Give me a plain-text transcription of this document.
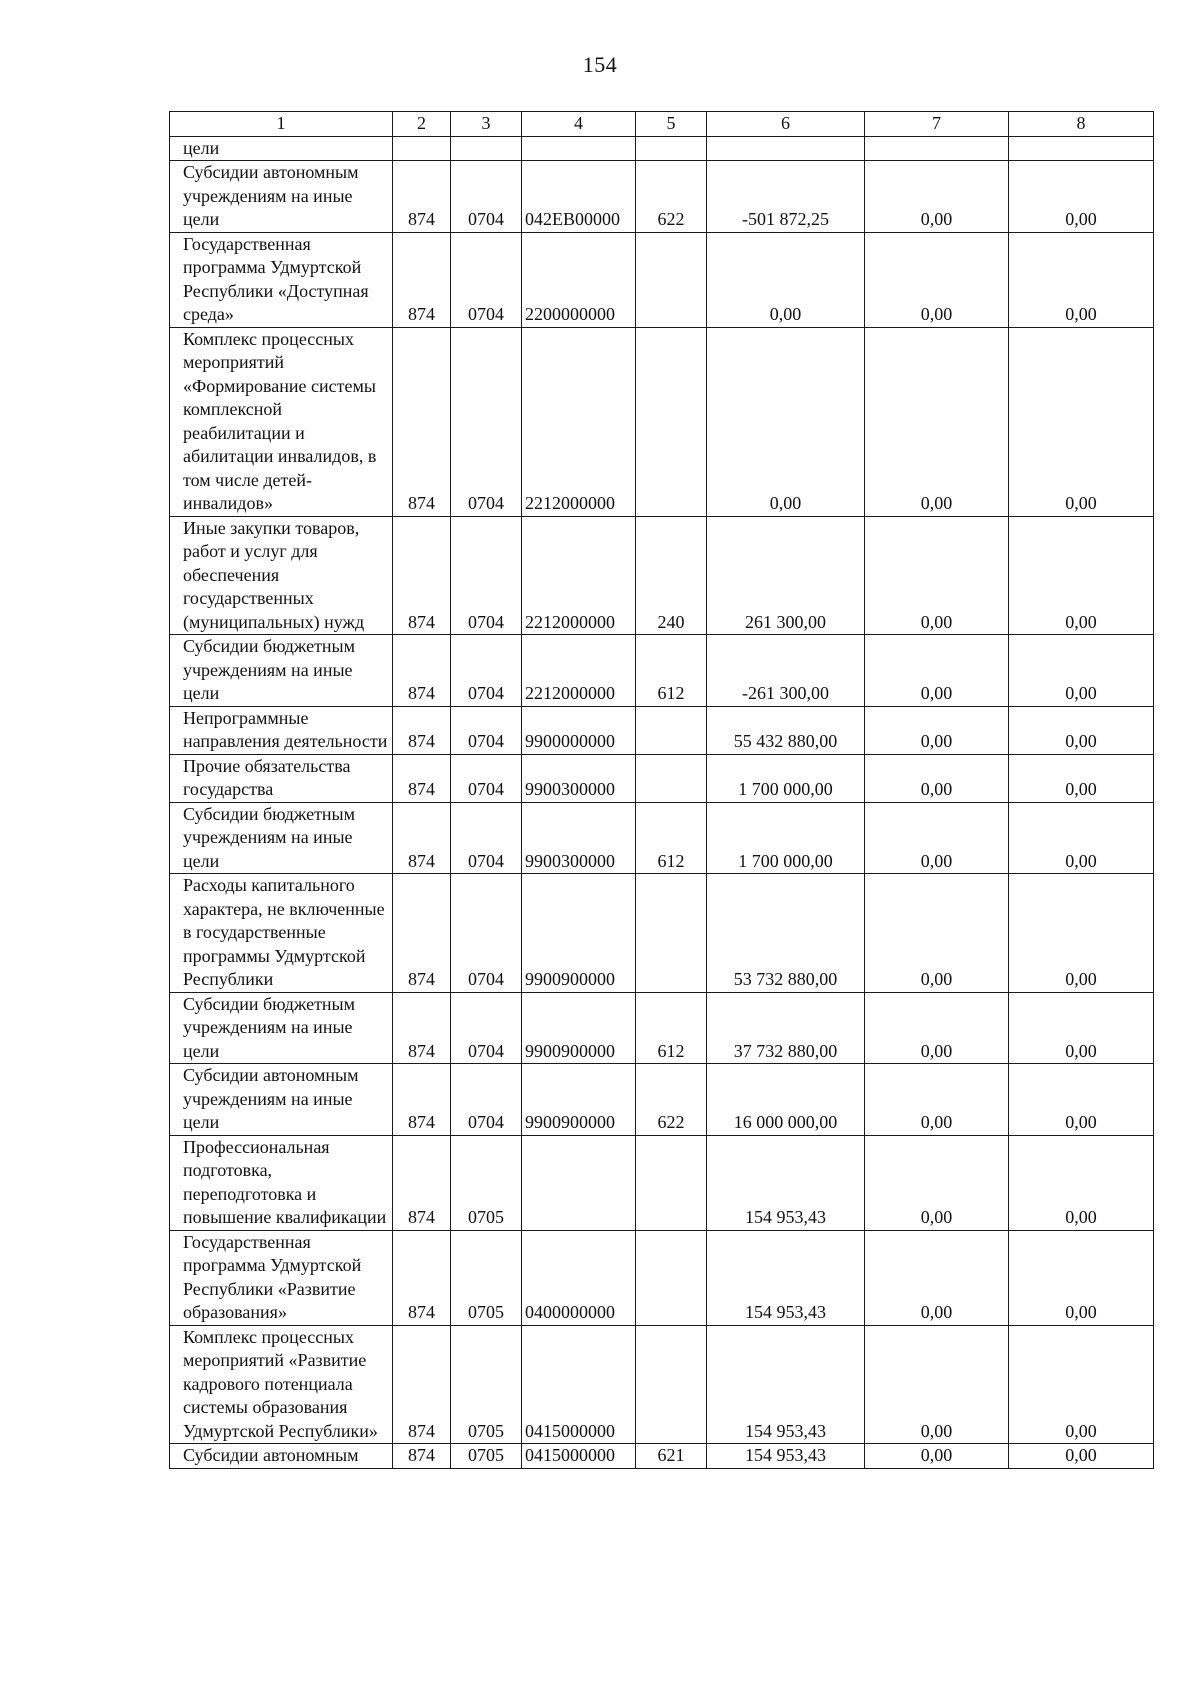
154
1	2	3	4	5	6	7	8
цели							
Субсидии автономным учреждениям на иные цели	874	0704	042ЕВ00000	622	-501 872,25	0,00	0,00
Государственная программа Удмуртской Республики «Доступная среда»	874	0704	2200000000		0,00	0,00	0,00
Комплекс процессных мероприятий «Формирование системы комплексной реабилитации и абилитации инвалидов, в том числе детей-инвалидов»	874	0704	2212000000		0,00	0,00	0,00
Иные закупки товаров, работ и услуг для обеспечения государственных (муниципальных) нужд	874	0704	2212000000	240	261 300,00	0,00	0,00
Субсидии бюджетным учреждениям на иные цели	874	0704	2212000000	612	-261 300,00	0,00	0,00
Непрограммные направления деятельности	874	0704	9900000000		55 432 880,00	0,00	0,00
Прочие обязательства государства	874	0704	9900300000		1 700 000,00	0,00	0,00
Субсидии бюджетным учреждениям на иные цели	874	0704	9900300000	612	1 700 000,00	0,00	0,00
Расходы капитального характера, не включенные в государственные программы Удмуртской Республики	874	0704	9900900000		53 732 880,00	0,00	0,00
Субсидии бюджетным учреждениям на иные цели	874	0704	9900900000	612	37 732 880,00	0,00	0,00
Субсидии автономным учреждениям на иные цели	874	0704	9900900000	622	16 000 000,00	0,00	0,00
Профессиональная подготовка, переподготовка и повышение квалификации	874	0705			154 953,43	0,00	0,00
Государственная программа Удмуртской Республики «Развитие образования»	874	0705	0400000000		154 953,43	0,00	0,00
Комплекс процессных мероприятий «Развитие кадрового потенциала системы образования Удмуртской Республики»	874	0705	0415000000		154 953,43	0,00	0,00
Субсидии автономным	874	0705	0415000000	621	154 953,43	0,00	0,00
